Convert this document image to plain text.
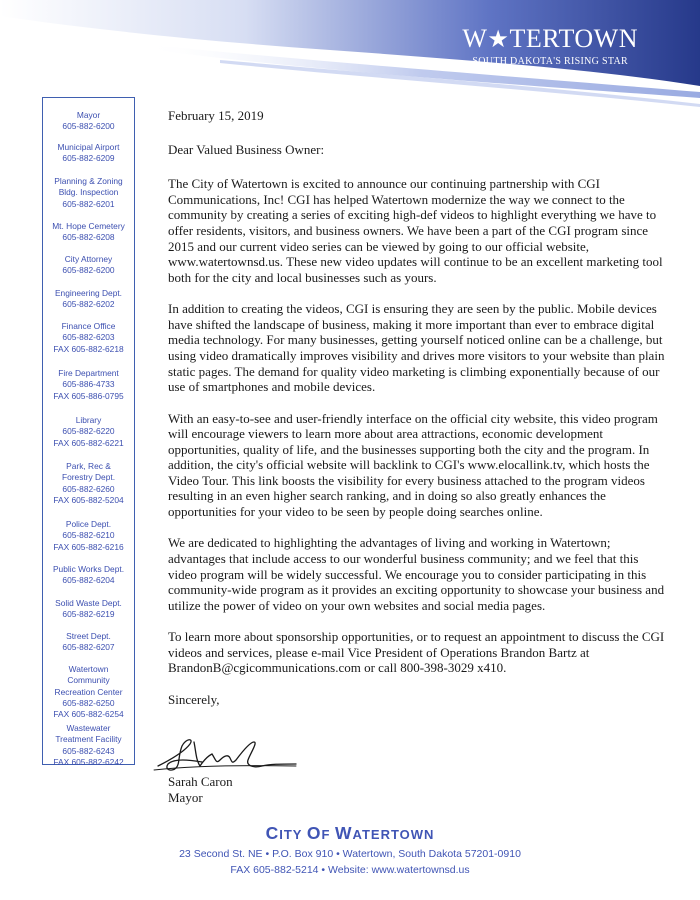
W★TERTOWN
SOUTH DAKOTA'S RISING STAR
Mayor
605-882-6200
Municipal Airport
605-882-6209
Planning & Zoning
Bldg. Inspection
605-882-6201
Mt. Hope Cemetery
605-882-6208
City Attorney
605-882-6200
Engineering Dept.
605-882-6202
Finance Office
605-882-6203
FAX 605-882-6218
Fire Department
605-886-4733
FAX 605-886-0795
Library
605-882-6220
FAX 605-882-6221
Park, Rec &
Forestry Dept.
605-882-6260
FAX 605-882-5204
Police Dept.
605-882-6210
FAX 605-882-6216
Public Works Dept.
605-882-6204
Solid Waste Dept.
605-882-6219
Street Dept.
605-882-6207
Watertown
Community
Recreation Center
605-882-6250
FAX 605-882-6254
Wastewater
Treatment Facility
605-882-6243
FAX 605-882-6242

February 15, 2019

Dear Valued Business Owner:

The City of Watertown is excited to announce our continuing partnership with CGI Communications, Inc! CGI has helped Watertown modernize the way we connect to the community by creating a series of exciting high-def videos to highlight everything we have to offer residents, visitors, and business owners. We have been a part of the CGI program since 2015 and our current video series can be viewed by going to our official website, www.watertownsd.us. These new video updates will continue to be an excellent marketing tool both for the city and local businesses such as yours.

In addition to creating the videos, CGI is ensuring they are seen by the public. Mobile devices have shifted the landscape of business, making it more important than ever to embrace digital media technology. For many businesses, getting yourself noticed online can be a challenge, but using video dramatically improves visibility and drives more visitors to your website than plain static pages. The demand for quality video marketing is climbing exponentially because of our use of smartphones and mobile devices.

With an easy-to-see and user-friendly interface on the official city website, this video program will encourage viewers to learn more about area attractions, economic development opportunities, quality of life, and the businesses supporting both the city and the program. In addition, the city's official website will backlink to CGI's www.elocallink.tv, which hosts the Video Tour. This link boosts the visibility for every business attached to the program videos resulting in an even higher search ranking, and in doing so also greatly enhances the opportunities for your video to be seen by people doing searches online.

We are dedicated to highlighting the advantages of living and working in Watertown; advantages that include access to our wonderful business community; and we feel that this video program will be widely successful. We encourage you to consider participating in this community-wide program as it provides an exciting opportunity to showcase your business and utilize the power of video on your own websites and social media pages.

To learn more about sponsorship opportunities, or to request an appointment to discuss the CGI videos and services, please e-mail Vice President of Operations Brandon Bartz at BrandonB@cgicommunications.com or call 800-398-3029 x410.

Sincerely,

Sarah Caron
Mayor
CITY OF WATERTOWN
23 Second St. NE • P.O. Box 910 • Watertown, South Dakota 57201-0910
FAX 605-882-5214 • Website: www.watertownsd.us
